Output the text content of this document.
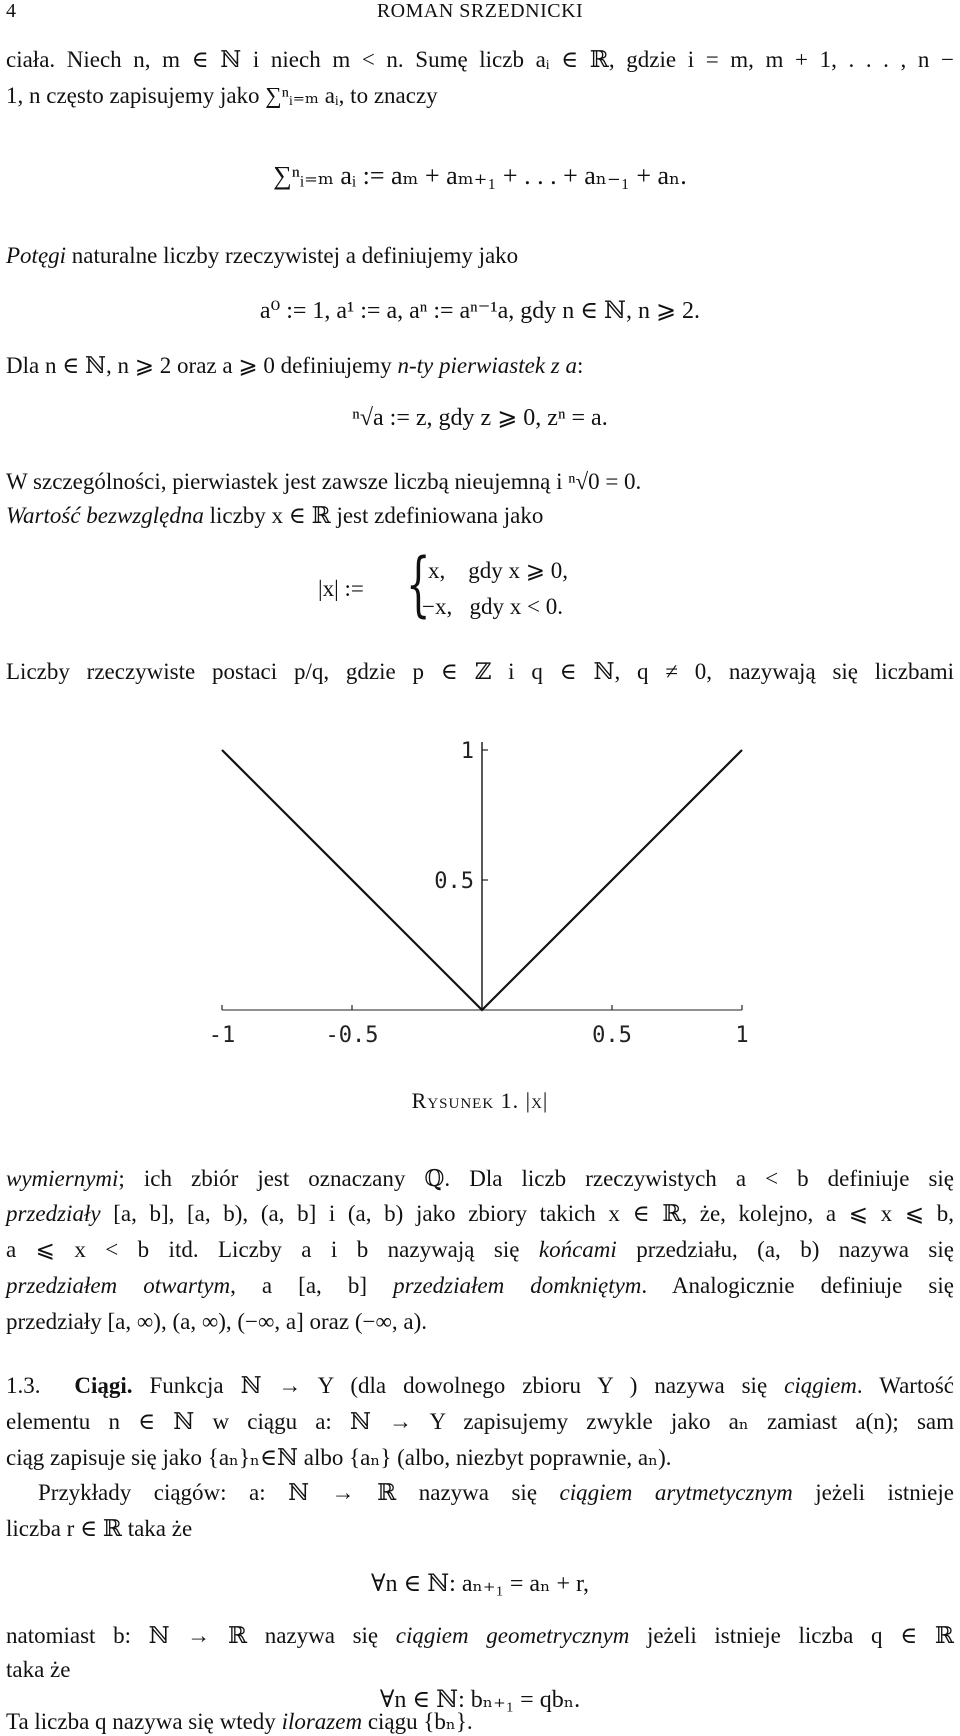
4	ROMAN SRZEDNICKI
ciała. Niech n, m ∈ ℕ i niech m < n. Sumę liczb aᵢ ∈ ℝ, gdzie i = m, m + 1, . . . , n −
1, n często zapisujemy jako ∑ⁿᵢ₌ₘ aᵢ, to znaczy
∑ⁿᵢ₌ₘ aᵢ := aₘ + aₘ₊₁ + . . . + aₙ₋₁ + aₙ.
Potęgi naturalne liczby rzeczywistej a definiujemy jako
a⁰ := 1, a¹ := a, aⁿ := aⁿ⁻¹a, gdy n ∈ ℕ, n ⩾ 2.
Dla n ∈ ℕ, n ⩾ 2 oraz a ⩾ 0 definiujemy n-ty pierwiastek z a:
ⁿ√a := z, gdy z ⩾ 0, zⁿ = a.
W szczególności, pierwiastek jest zawsze liczbą nieujemną i ⁿ√0 = 0.
Wartość bezwzględna liczby x ∈ ℝ jest zdefiniowana jako
|x| := {
x,    gdy x ⩾ 0,
−x,   gdy x < 0.
Liczby rzeczywiste postaci p/q, gdzie p ∈ ℤ i q ∈ ℕ, q ≠ 0, nazywają się liczbami
0.5
1
-1	-0.5	0.5	1
Rysunek 1. |x|
wymiernymi; ich zbiór jest oznaczany ℚ. Dla liczb rzeczywistych a < b definiuje się
przedziały [a, b], [a, b), (a, b] i (a, b) jako zbiory takich x ∈ ℝ, że, kolejno, a ⩽ x ⩽ b,
a ⩽ x < b itd. Liczby a i b nazywają się końcami przedziału, (a, b) nazywa się
przedziałem otwartym, a [a, b] przedziałem domkniętym. Analogicznie definiuje się
przedziały [a, ∞), (a, ∞), (−∞, a] oraz (−∞, a).
1.3. Ciągi. Funkcja ℕ → Y (dla dowolnego zbioru Y ) nazywa się ciągiem. Wartość
elementu n ∈ ℕ w ciągu a: ℕ → Y zapisujemy zwykle jako aₙ zamiast a(n); sam
ciąg zapisuje się jako {aₙ}ₙ∈ℕ albo {aₙ} (albo, niezbyt poprawnie, aₙ).
Przykłady ciągów: a: ℕ → ℝ nazywa się ciągiem arytmetycznym jeżeli istnieje
liczba r ∈ ℝ taka że
∀n ∈ ℕ: aₙ₊₁ = aₙ + r,
natomiast b: ℕ → ℝ nazywa się ciągiem geometrycznym jeżeli istnieje liczba q ∈ ℝ
taka że
∀n ∈ ℕ: bₙ₊₁ = qbₙ.
Ta liczba q nazywa się wtedy ilorazem ciągu {bₙ}.
